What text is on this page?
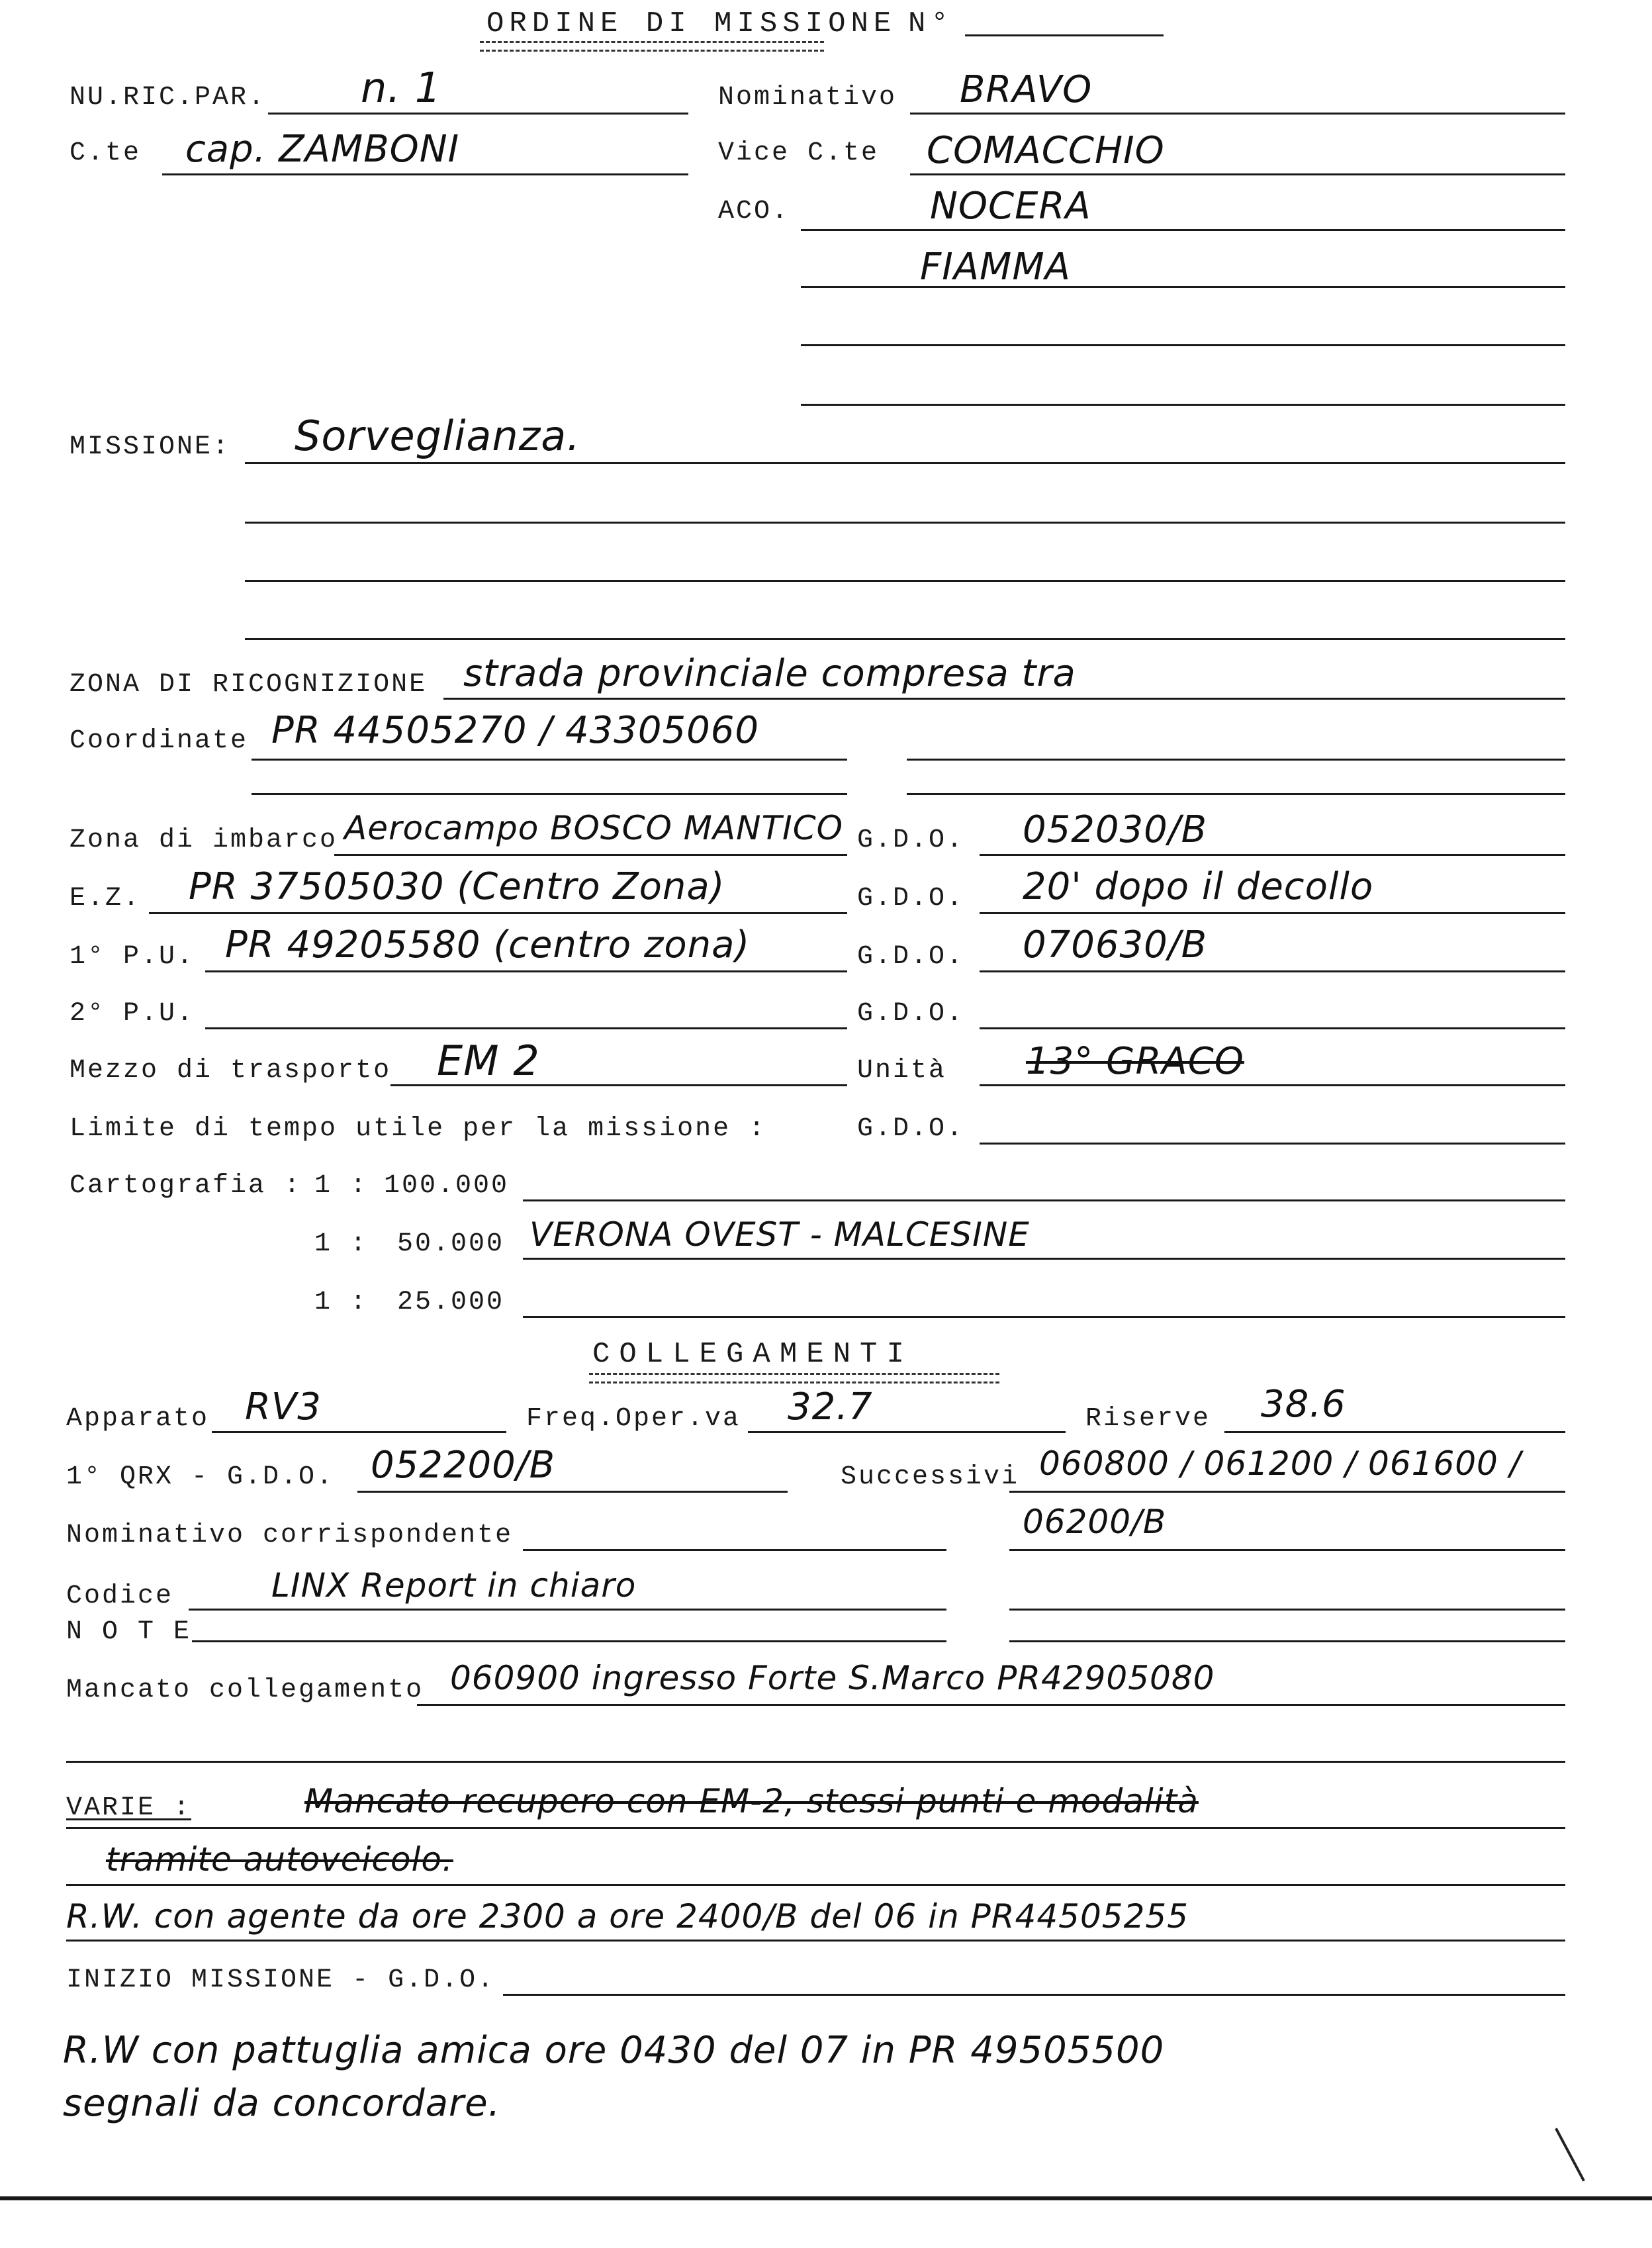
ORDINE DI MISSIONE N°
NU.RIC.PAR. n. 1	Nominativo BRAVO
C.te cap. ZAMBONI	Vice C.te COMACCHIO
ACO.	NOCERA
FIAMMA
MISSIONE: Sorveglianza.
ZONA DI RICOGNIZIONE strada provinciale compresa tra
Coordinate PR 44505270 / 43305060
Zona di imbarco Aerocampo BOSCO MANTICO G.D.O. 052030/B
E.Z. PR 37505030 (Centro Zona)	G.D.O. 20' dopo il decollo
1° P.U. PR 49205580 (centro zona)	G.D.O. 070630/B
2° P.U.	G.D.O.
Mezzo di trasporto EM 2	Unità 13° GRACO
Limite di tempo utile per la missione :	G.D.O.
Cartografia : 1 : 100.000
1 : 50.000 VERONA OVEST - MALCESINE
1 : 25.000
COLLEGAMENTI
Apparato RV3	Freq.Oper.va 32.7	Riserve 38.6
1° QRX - G.D.O. 052200/B	Successivi 060800 / 061200 / 061600 /
Nominativo corrispondente	06200/B
Codice	LINX Report in chiaro
N O T E
Mancato collegamento 060900 ingresso Forte S.Marco PR42905080
VARIE :	Mancato recupero con EM-2, stessi punti e modalità
tramite autoveicolo.
R.W. con agente da ore 2300 a ore 2400/B del 06 in PR44505255
INIZIO MISSIONE - G.D.O.
R.W con pattuglia amica ore 0430 del 07 in PR 49505500
segnali da concordare.
